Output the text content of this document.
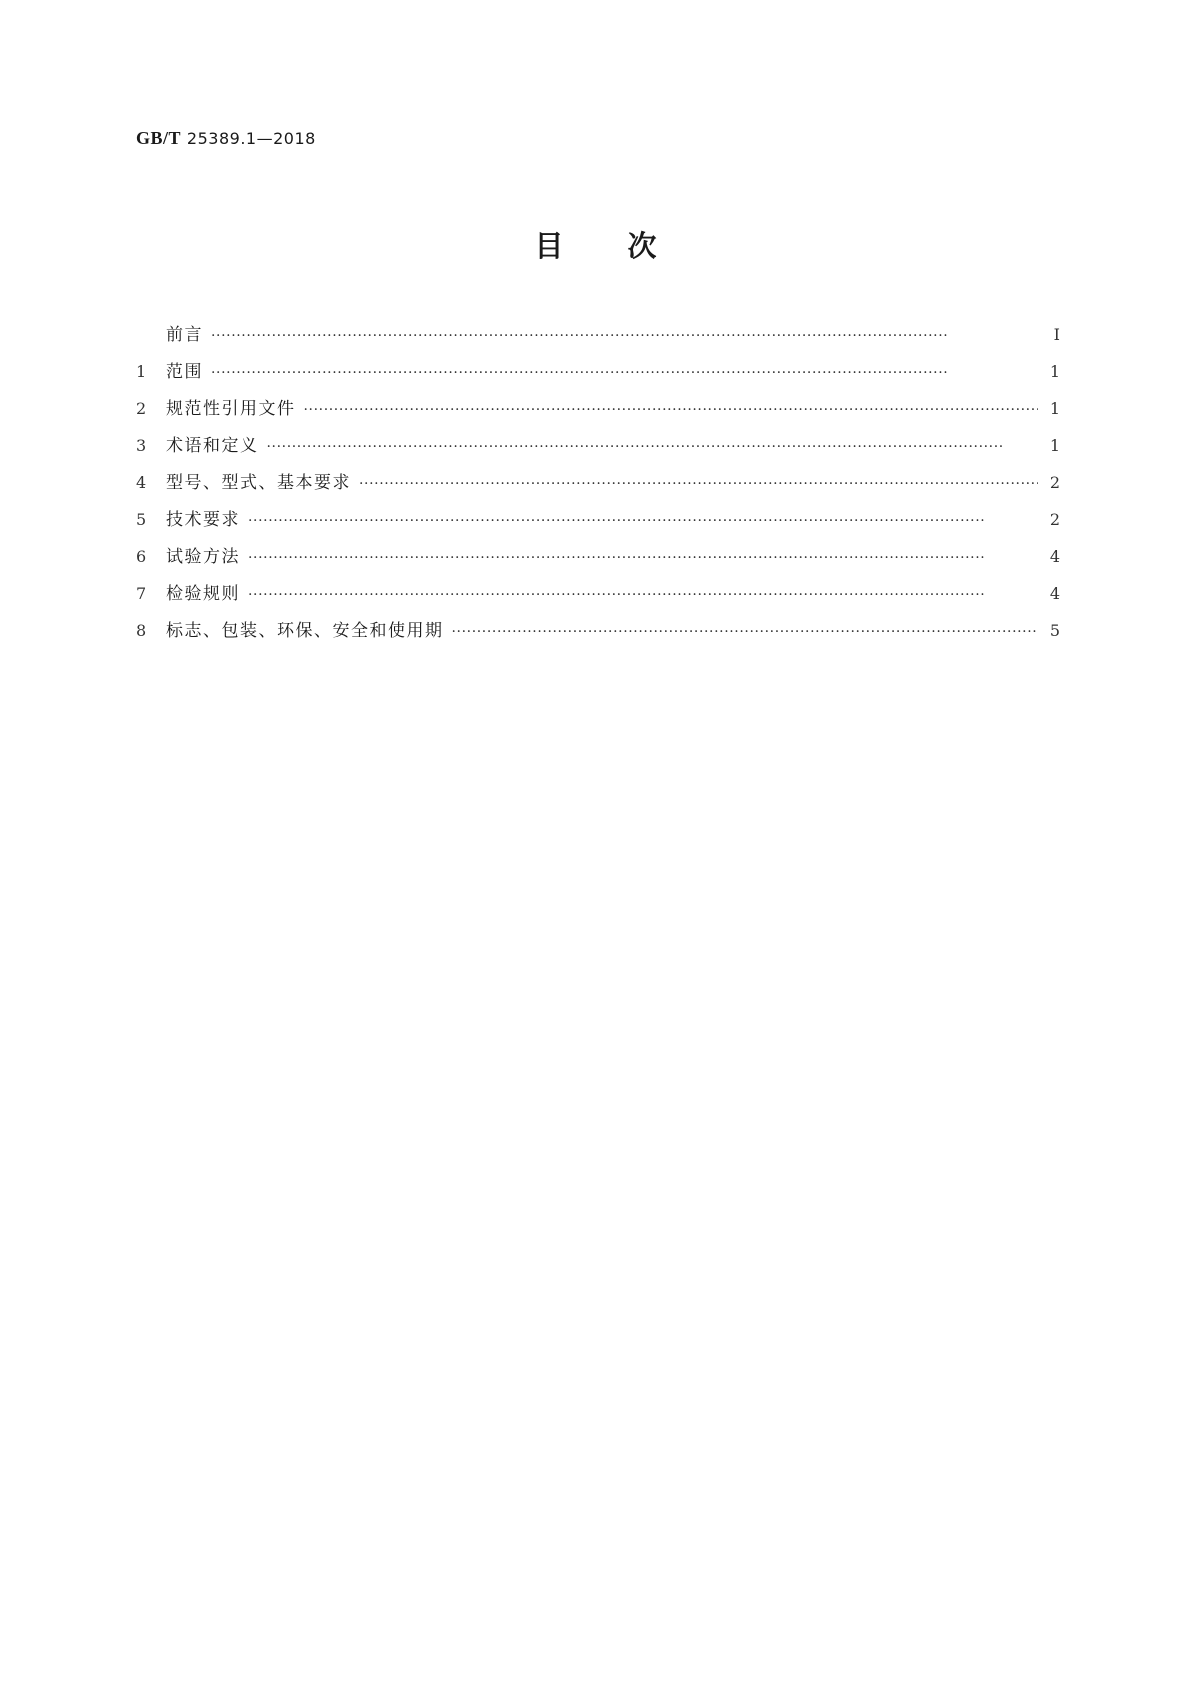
GB/T 25389.1—2018
目 次
前言 ·····	Ⅰ
1	范围 ·····	1
2	规范性引用文件 ·····	1
3	术语和定义 ·····	1
4	型号、型式、基本要求 ·····	2
5	技术要求 ·····	2
6	试验方法 ·····	4
7	检验规则 ·····	4
8	标志、包装、环保、安全和使用期 ·····	5
